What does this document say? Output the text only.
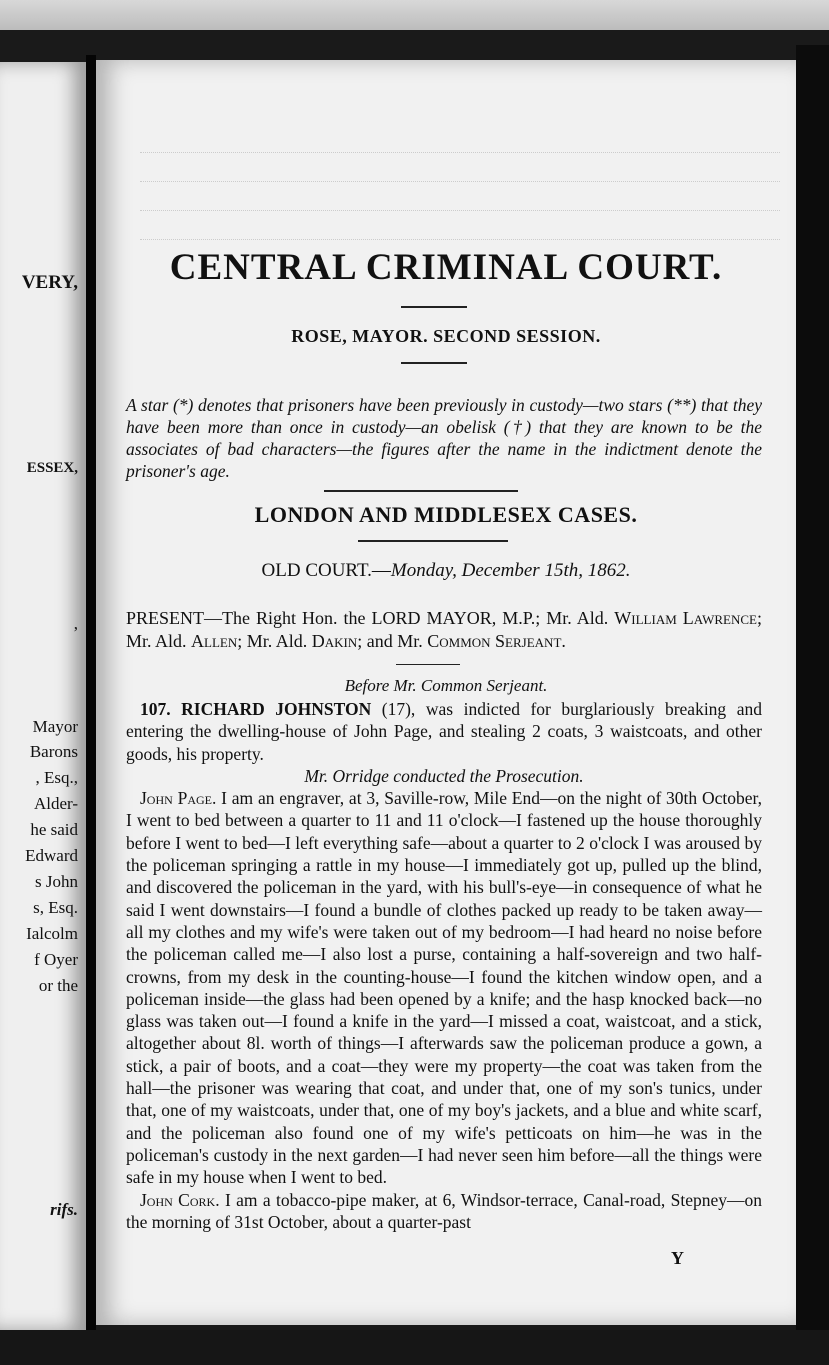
VERY,
ESSEX,
,
Mayor
Barons
, Esq.,
Alder-
he said
Edward
s John
s, Esq.
Ialcolm
f Oyer
or the
rifs.
CENTRAL CRIMINAL COURT.
ROSE, MAYOR. SECOND SESSION.
A star (*) denotes that prisoners have been previously in custody—two stars (**) that they have been more than once in custody—an obelisk (†) that they are known to be the associates of bad characters—the figures after the name in the indictment denote the prisoner's age.
LONDON AND MIDDLESEX CASES.
OLD COURT.—Monday, December 15th, 1862.
PRESENT—The Right Hon. the LORD MAYOR, M.P.; Mr. Ald. William Lawrence; Mr. Ald. Allen; Mr. Ald. Dakin; and Mr. Common Serjeant.
Before Mr. Common Serjeant.

107. RICHARD JOHNSTON (17), was indicted for burglariously breaking and entering the dwelling-house of John Page, and stealing 2 coats, 3 waistcoats, and other goods, his property.

Mr. Orridge conducted the Prosecution.

John Page. I am an engraver, at 3, Saville-row, Mile End—on the night of 30th October, I went to bed between a quarter to 11 and 11 o'clock—I fastened up the house thoroughly before I went to bed—I left everything safe—about a quarter to 2 o'clock I was aroused by the policeman springing a rattle in my house—I immediately got up, pulled up the blind, and discovered the policeman in the yard, with his bull's-eye—in consequence of what he said I went downstairs—I found a bundle of clothes packed up ready to be taken away—all my clothes and my wife's were taken out of my bedroom—I had heard no noise before the policeman called me—I also lost a purse, containing a half-sovereign and two half-crowns, from my desk in the counting-house—I found the kitchen window open, and a policeman inside—the glass had been opened by a knife; and the hasp knocked back—no glass was taken out—I found a knife in the yard—I missed a coat, waistcoat, and a stick, altogether about 8l. worth of things—I afterwards saw the policeman produce a gown, a stick, a pair of boots, and a coat—they were my property—the coat was taken from the hall—the prisoner was wearing that coat, and under that, one of my son's tunics, under that, one of my waistcoats, under that, one of my boy's jackets, and a blue and white scarf, and the policeman also found one of my wife's petticoats on him—he was in the policeman's custody in the next garden—I had never seen him before—all the things were safe in my house when I went to bed.

John Cork. I am a tobacco-pipe maker, at 6, Windsor-terrace, Canal-road, Stepney—on the morning of 31st October, about a quarter-past

Y
